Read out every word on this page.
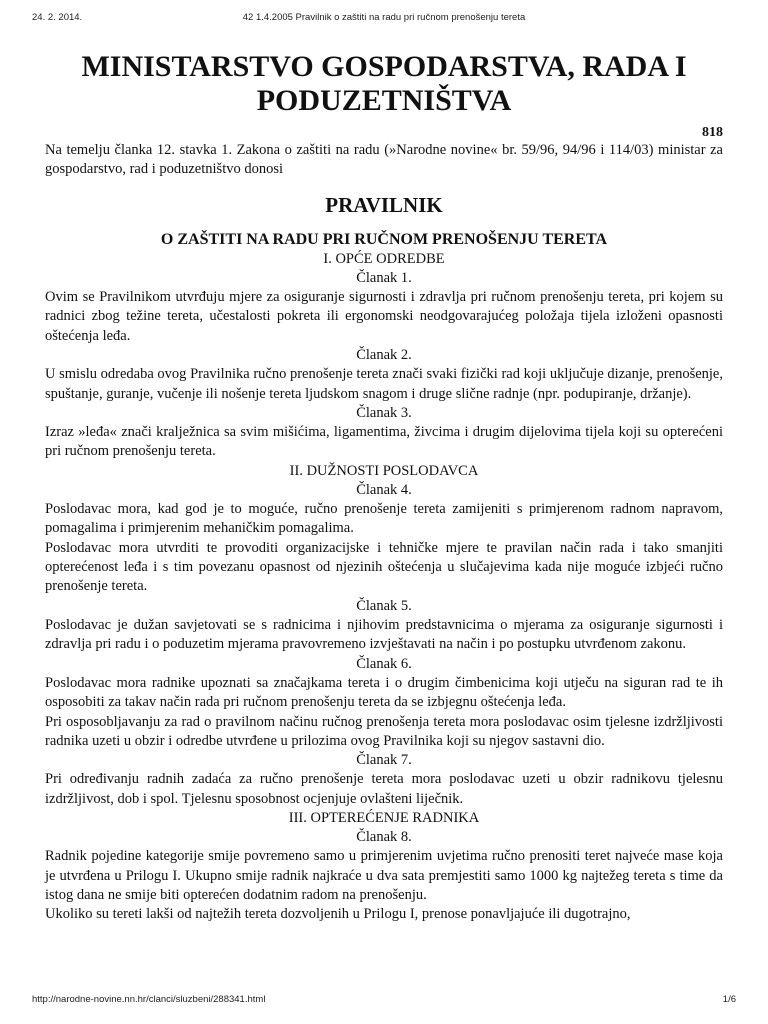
24. 2. 2014.	42 1.4.2005 Pravilnik o zaštiti na radu pri ručnom prenošenju tereta
MINISTARSTVO GOSPODARSTVA, RADA I
PODUZETNIŠTVA
818

Na temelju članka 12. stavka 1. Zakona o zaštiti na radu (»Narodne novine« br. 59/96, 94/96 i 114/03) ministar za gospodarstvo, rad i poduzetništvo donosi

PRAVILNIK
O ZAŠTITI NA RADU PRI RUČNOM PRENOŠENJU TERETA
I. OPĆE ODREDBE
Članak 1.

Ovim se Pravilnikom utvrđuju mjere za osiguranje sigurnosti i zdravlja pri ručnom prenošenju tereta, pri kojem su radnici zbog težine tereta, učestalosti pokreta ili ergonomski neodgovarajućeg položaja tijela izloženi opasnosti oštećenja leđa.

Članak 2.

U smislu odredaba ovog Pravilnika ručno prenošenje tereta znači svaki fizički rad koji uključuje dizanje, prenošenje, spuštanje, guranje, vučenje ili nošenje tereta ljudskom snagom i druge slične radnje (npr. podupiranje, držanje).

Članak 3.

Izraz »leđa« znači kralježnica sa svim mišićima, ligamentima, živcima i drugim dijelovima tijela koji su opterećeni pri ručnom prenošenju tereta.

II. DUŽNOSTI POSLODAVCA
Članak 4.

Poslodavac mora, kad god je to moguće, ručno prenošenje tereta zamijeniti s primjerenom radnom napravom, pomagalima i primjerenim mehaničkim pomagalima.

Poslodavac mora utvrditi te provoditi organizacijske i tehničke mjere te pravilan način rada i tako smanjiti opterećenost leđa i s tim povezanu opasnost od njezinih oštećenja u slučajevima kada nije moguće izbjeći ručno prenošenje tereta.

Članak 5.

Poslodavac je dužan savjetovati se s radnicima i njihovim predstavnicima o mjerama za osiguranje sigurnosti i zdravlja pri radu i o poduzetim mjerama pravovremeno izvještavati na način i po postupku utvrđenom zakonu.

Članak 6.

Poslodavac mora radnike upoznati sa značajkama tereta i o drugim čimbenicima koji utječu na siguran rad te ih osposobiti za takav način rada pri ručnom prenošenju tereta da se izbjegnu oštećenja leđa.

Pri osposobljavanju za rad o pravilnom načinu ručnog prenošenja tereta mora poslodavac osim tjelesne izdržljivosti radnika uzeti u obzir i odredbe utvrđene u prilozima ovog Pravilnika koji su njegov sastavni dio.

Članak 7.

Pri određivanju radnih zadaća za ručno prenošenje tereta mora poslodavac uzeti u obzir radnikovu tjelesnu izdržljivost, dob i spol. Tjelesnu sposobnost ocjenjuje ovlašteni liječnik.

III. OPTEREĆENJE RADNIKA
Članak 8.

Radnik pojedine kategorije smije povremeno samo u primjerenim uvjetima ručno prenositi teret najveće mase koja je utvrđena u Prilogu I. Ukupno smije radnik najkraće u dva sata premjestiti samo 1000 kg najtežeg tereta s time da istog dana ne smije biti opterećen dodatnim radom na prenošenju.

Ukoliko su tereti lakši od najtežih tereta dozvoljenih u Prilogu I, prenose ponavljajuće ili dugotrajno,

http://narodne-novine.nn.hr/clanci/sluzbeni/288341.html	1/6
